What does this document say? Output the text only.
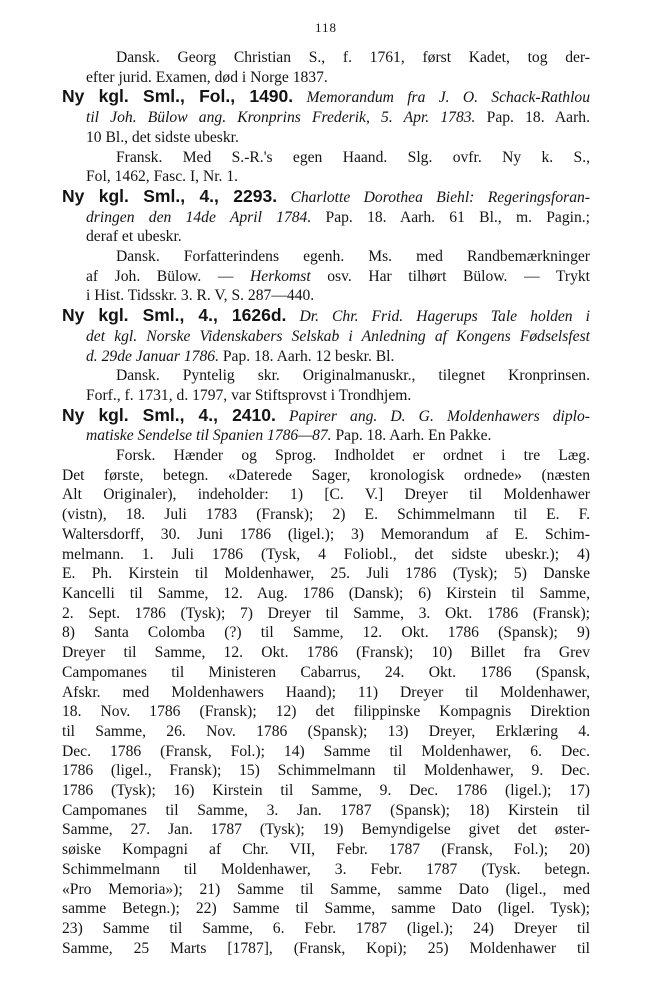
118
Dansk. Georg Christian S., f. 1761, først Kadet, tog der-
efter jurid. Examen, død i Norge 1837.
Ny kgl. Sml., Fol., 1490. Memorandum fra J. O. Schack-Rathlou
til Joh. Bülow ang. Kronprins Frederik, 5. Apr. 1783. Pap. 18. Aarh.
10 Bl., det sidste ubeskr.
Fransk. Med S.-R.'s egen Haand. Slg. ovfr. Ny k. S.,
Fol, 1462, Fasc. I, Nr. 1.
Ny kgl. Sml., 4., 2293. Charlotte Dorothea Biehl: Regeringsforan-
dringen den 14de April 1784. Pap. 18. Aarh. 61 Bl., m. Pagin.;
deraf et ubeskr.
Dansk. Forfatterindens egenh. Ms. med Randbemærkninger
af Joh. Bülow. — Herkomst osv. Har tilhørt Bülow. — Trykt
i Hist. Tidsskr. 3. R. V, S. 287—440.
Ny kgl. Sml., 4., 1626d. Dr. Chr. Frid. Hagerups Tale holden i
det kgl. Norske Videnskabers Selskab i Anledning af Kongens Fødselsfest
d. 29de Januar 1786. Pap. 18. Aarh. 12 beskr. Bl.
Dansk. Pyntelig skr. Originalmanuskr., tilegnet Kronprinsen.
Forf., f. 1731, d. 1797, var Stiftsprovst i Trondhjem.
Ny kgl. Sml., 4., 2410. Papirer ang. D. G. Moldenhawers diplo-
matiske Sendelse til Spanien 1786—87. Pap. 18. Aarh. En Pakke.
Forsk. Hænder og Sprog. Indholdet er ordnet i tre Læg.
Det første, betegn. «Daterede Sager, kronologisk ordnede» (næsten
Alt Originaler), indeholder: 1) [C. V.] Dreyer til Moldenhawer
(vistn), 18. Juli 1783 (Fransk); 2) E. Schimmelmann til E. F.
Waltersdorff, 30. Juni 1786 (ligel.); 3) Memorandum af E. Schim-
melmann. 1. Juli 1786 (Tysk, 4 Foliobl., det sidste ubeskr.); 4)
E. Ph. Kirstein til Moldenhawer, 25. Juli 1786 (Tysk); 5) Danske
Kancelli til Samme, 12. Aug. 1786 (Dansk); 6) Kirstein til Samme,
2. Sept. 1786 (Tysk); 7) Dreyer til Samme, 3. Okt. 1786 (Fransk);
8) Santa Colomba (?) til Samme, 12. Okt. 1786 (Spansk); 9)
Dreyer til Samme, 12. Okt. 1786 (Fransk); 10) Billet fra Grev
Campomanes til Ministeren Cabarrus, 24. Okt. 1786 (Spansk,
Afskr. med Moldenhawers Haand); 11) Dreyer til Moldenhawer,
18. Nov. 1786 (Fransk); 12) det filippinske Kompagnis Direktion
til Samme, 26. Nov. 1786 (Spansk); 13) Dreyer, Erklæring 4.
Dec. 1786 (Fransk, Fol.); 14) Samme til Moldenhawer, 6. Dec.
1786 (ligel., Fransk); 15) Schimmelmann til Moldenhawer, 9. Dec.
1786 (Tysk); 16) Kirstein til Samme, 9. Dec. 1786 (ligel.); 17)
Campomanes til Samme, 3. Jan. 1787 (Spansk); 18) Kirstein til
Samme, 27. Jan. 1787 (Tysk); 19) Bemyndigelse givet det øster-
søiske Kompagni af Chr. VII, Febr. 1787 (Fransk, Fol.); 20)
Schimmelmann til Moldenhawer, 3. Febr. 1787 (Tysk. betegn.
«Pro Memoria»); 21) Samme til Samme, samme Dato (ligel., med
samme Betegn.); 22) Samme til Samme, samme Dato (ligel. Tysk);
23) Samme til Samme, 6. Febr. 1787 (ligel.); 24) Dreyer til
Samme, 25 Marts [1787], (Fransk, Kopi); 25) Moldenhawer til
